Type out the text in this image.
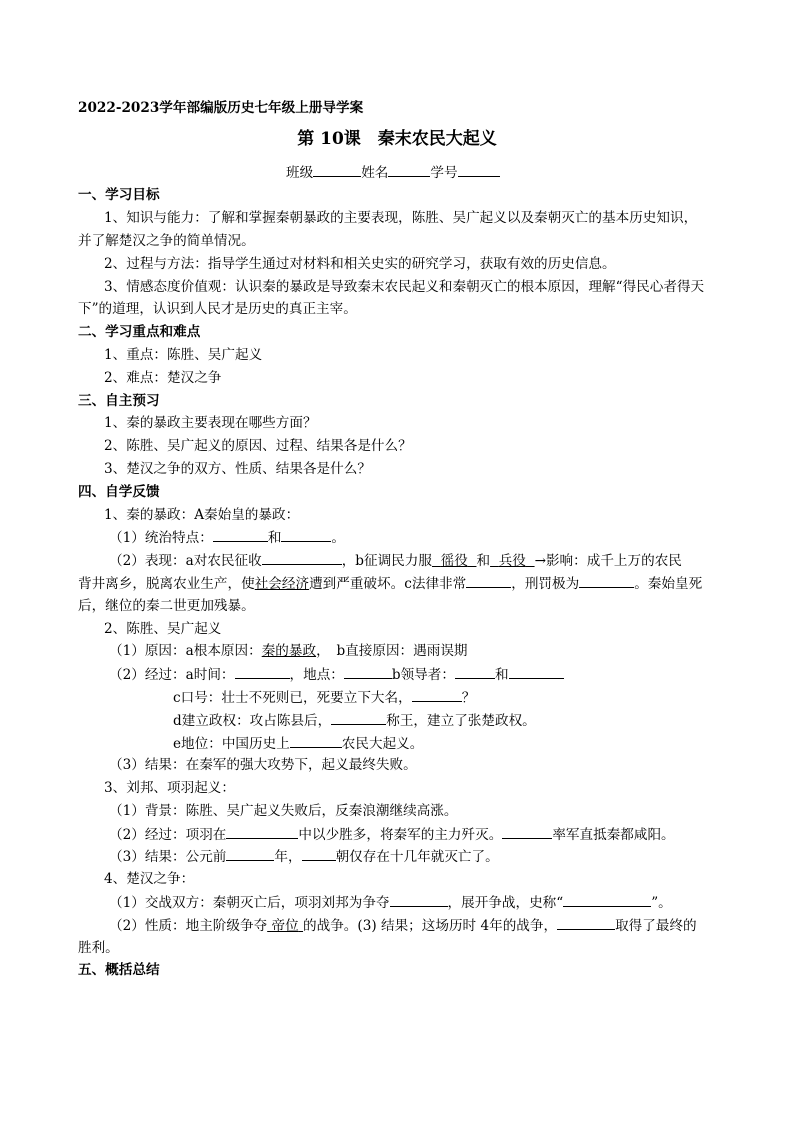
2022-2023学年部编版历史七年级上册导学案
第 10课　秦末农民大起义
班级	姓名	学号
一、学习目标
1、知识与能力：了解和掌握秦朝暴政的主要表现，陈胜、吴广起义以及秦朝灭亡的基本历史知识，
并了解楚汉之争的简单情况。
2、过程与方法：指导学生通过对材料和相关史实的研究学习，获取有效的历史信息。
3、情感态度价值观：认识秦的暴政是导致秦末农民起义和秦朝灭亡的根本原因，理解“得民心者得天
下”的道理，认识到人民才是历史的真正主宰。
二、学习重点和难点
1、重点：陈胜、吴广起义
2、难点：楚汉之争
三、自主预习
1、秦的暴政主要表现在哪些方面？
2、陈胜、吴广起义的原因、过程、结果各是什么？
3、楚汉之争的双方、性质、结果各是什么？
四、自学反馈
1、秦的暴政：A秦始皇的暴政：
（1）统治特点：	和	。
（2）表现：a对农民征收	，b征调民力服 徭役 和 兵役 →影响：成千上万的农民
背井离乡，脱离农业生产，使社会经济遭到严重破坏。c法律非常	，刑罚极为	。秦始皇死
后，继位的秦二世更加残暴。
2、陈胜、吴广起义
（1）原因：a根本原因：秦的暴政，　b直接原因：遇雨误期
（2）经过：a时间：	，地点：	b领导者：	和
c口号：壮士不死则已，死要立下大名，	？
d建立政权：攻占陈县后，	称王，建立了张楚政权。
e地位：中国历史上	农民大起义。
（3）结果：在秦军的强大攻势下，起义最终失败。
3、刘邦、项羽起义：
（1）背景：陈胜、吴广起义失败后，反秦浪潮继续高涨。
（2）经过：项羽在	中以少胜多，将秦军的主力歼灭。	率军直抵秦都咸阳。
（3）结果：公元前	年，	朝仅存在十几年就灭亡了。
4、楚汉之争：
（1）交战双方：秦朝灭亡后，项羽刘邦为争夺	，展开争战，史称“	”。
（2）性质：地主阶级争夺 帝位 的战争。(3) 结果；这场历时 4年的战争，	取得了最终的
胜利。
五、概括总结
